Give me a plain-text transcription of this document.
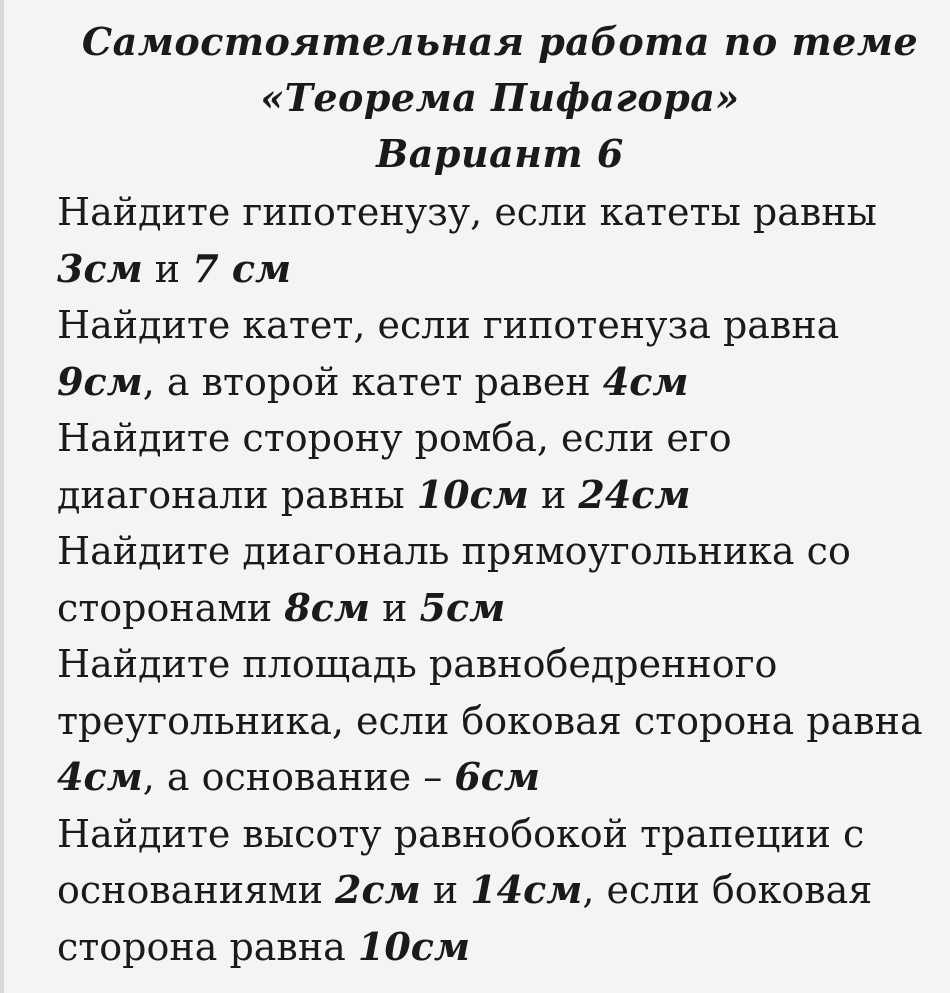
Самостоятельная работа по теме
«Теорема Пифагора»
Вариант 6
Найдите гипотенузу, если катеты равны
3см и 7 см
Найдите катет, если гипотенуза равна
9см, а второй катет равен 4см
Найдите сторону ромба, если его
диагонали равны 10см и 24см
Найдите диагональ прямоугольника со
сторонами 8см и 5см
Найдите площадь равнобедренного
треугольника, если боковая сторона равна
4см, а основание – 6см
Найдите высоту равнобокой трапеции с
основаниями 2см и 14см, если боковая
сторона равна 10см
